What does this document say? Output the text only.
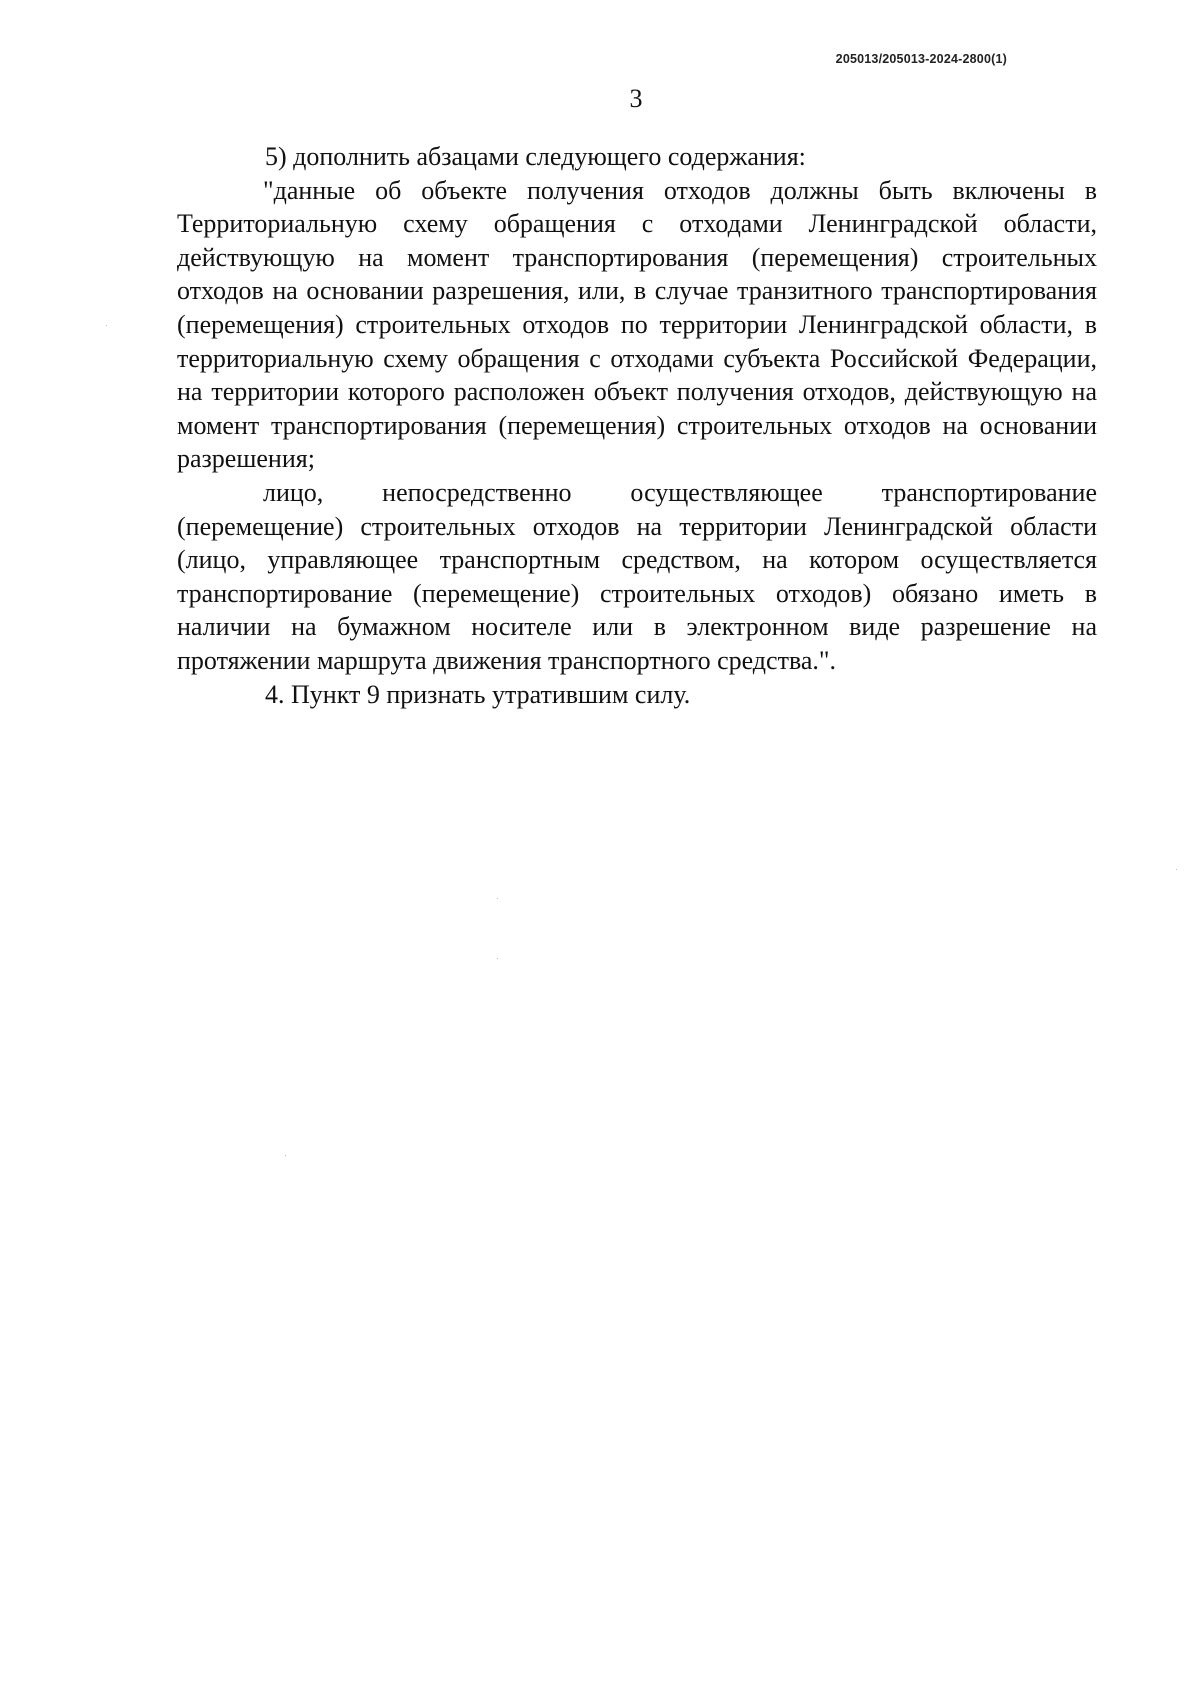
205013/205013-2024-2800(1)
3

5) дополнить абзацами следующего содержания:

"данные об объекте получения отходов должны быть включены в Территориальную схему обращения с отходами Ленинградской области, действующую на момент транспортирования (перемещения) строительных отходов на основании разрешения, или, в случае транзитного транспортирования (перемещения) строительных отходов по территории Ленинградской области, в территориальную схему обращения с отходами субъекта Российской Федерации, на территории которого расположен объект получения отходов, действующую на момент транспортирования (перемещения) строительных отходов на основании разрешения;

лицо, непосредственно осуществляющее транспортирование (перемещение) строительных отходов на территории Ленинградской области (лицо, управляющее транспортным средством, на котором осуществляется транспортирование (перемещение) строительных отходов) обязано иметь в наличии на бумажном носителе или в электронном виде разрешение на протяжении маршрута движения транспортного средства.".

4. Пункт 9 признать утратившим силу.
